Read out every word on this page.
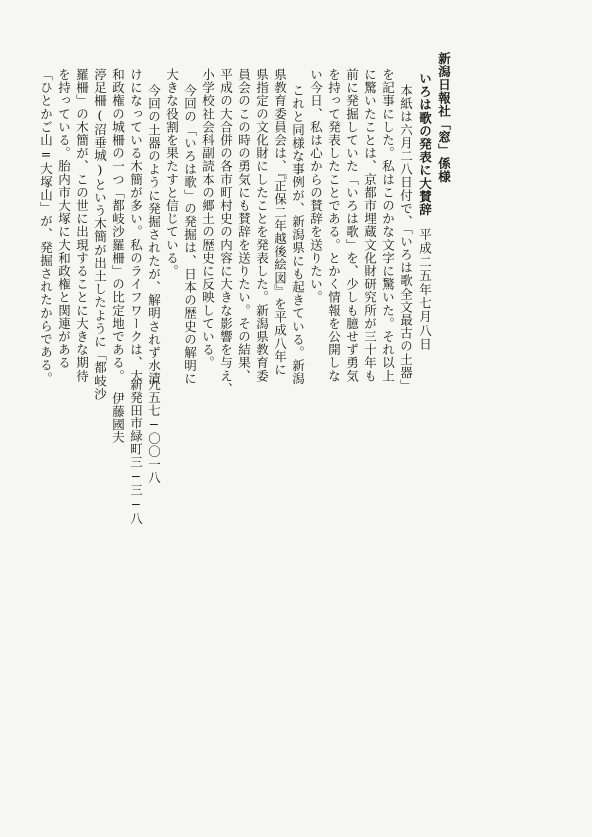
新潟日報社「窓」係様
いろは歌の発表に大賛辞
平成二五年七月八日
本紙は六月二八日付で、「いろは歌全文最古の土器」
を記事にした。私はこのかな文字に驚いた。それ以上
に驚いたことは、京都市埋蔵文化財研究所が三十年も
前に発掘していた「いろは歌」を、少しも臆せず勇気
を持って発表したことである。とかく情報を公開しな
い今日、私は心からの賛辞を送りたい。
これと同様な事例が、新潟県にも起きている。新潟
県教育委員会は、『正保二年越後絵図』を平成八年に
県指定の文化財にしたことを発表した。新潟県教育委
員会のこの時の勇気にも賛辞を送りたい。その結果、
平成の大合併の各市町村史の内容に大きな影響を与え、
小学校社会科副読本の郷土の歴史に反映している。
今回の「いろは歌」の発掘は、日本の歴史の解明に
大きな役割を果たすと信じている。
今回の土器のように発掘されたが、解明されず水漬
けになっている木簡が多い。私のライフワークは、大
和政権の城柵の一つ「都岐沙羅柵」の比定地である。
渟足柵(沼垂城)という木簡が出土したように「都岐沙
羅柵」の木簡が、この世に出現することに大きな期待
を持っている。胎内市大塚に大和政権と関連がある
「ひとかご山=大塚山」が、発掘されたからである。
九五七−〇〇一八
新発田市緑町三−三−八
伊藤國夫
